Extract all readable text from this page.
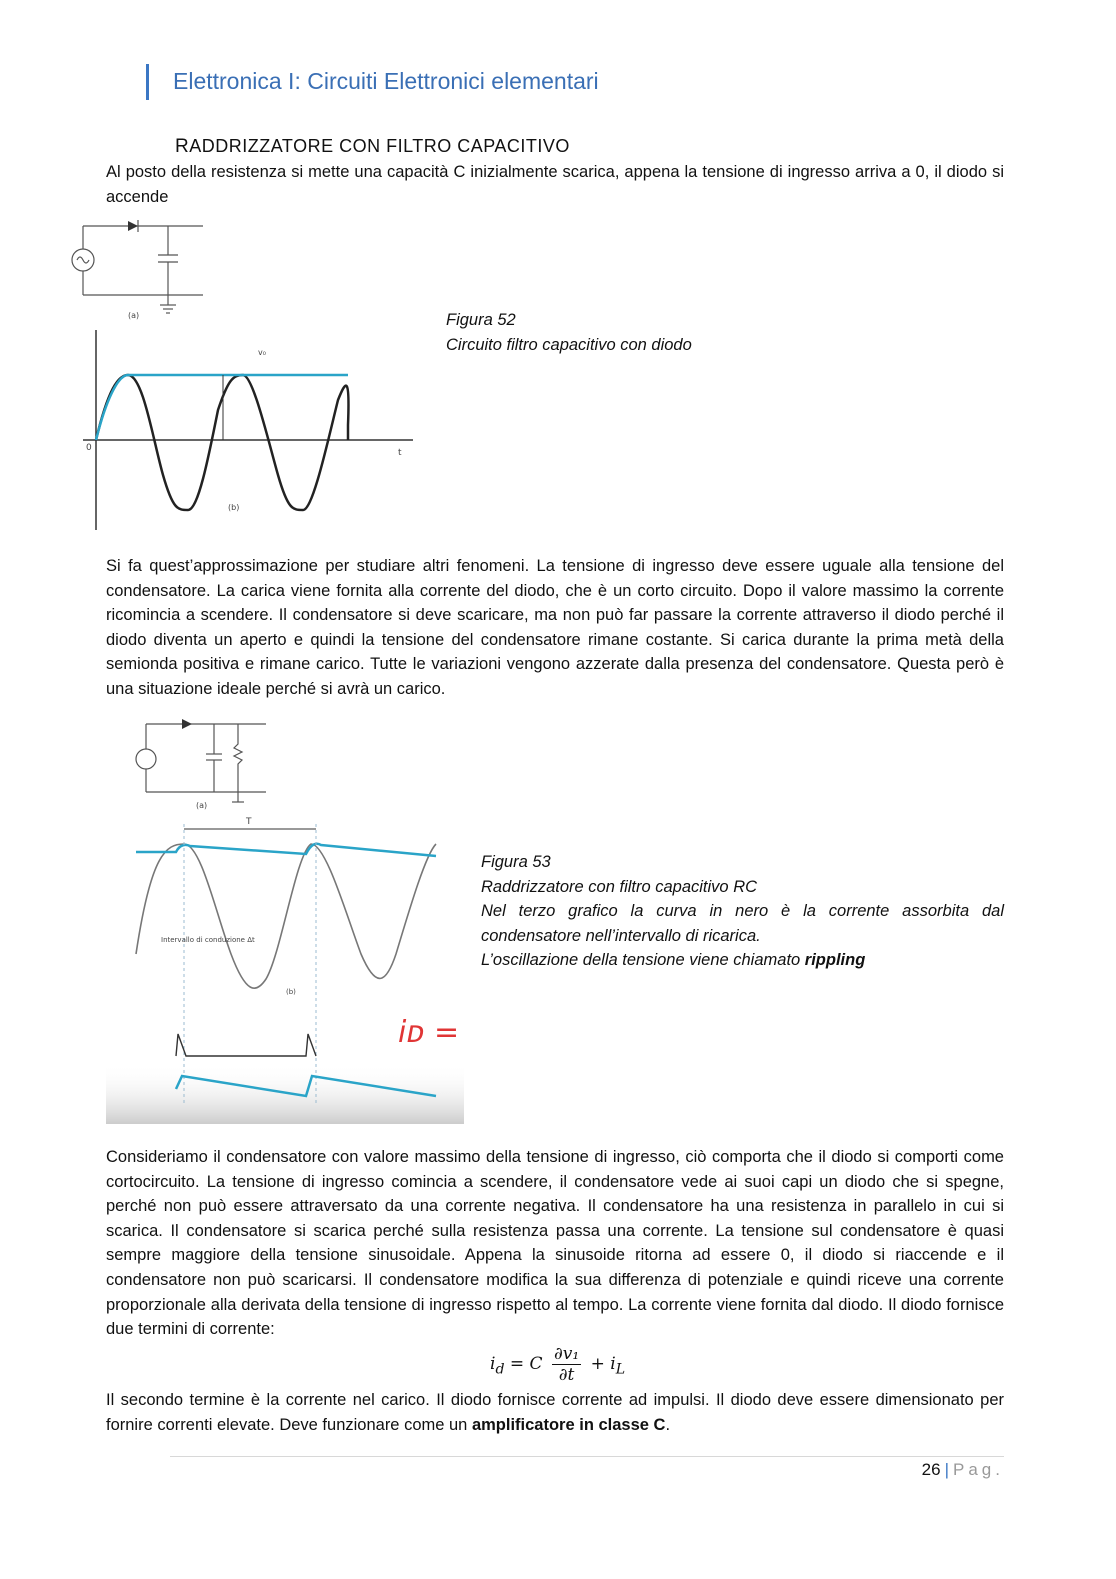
Elettronica I: Circuiti Elettronici elementari
RADDRIZZATORE CON FILTRO CAPACITIVO
Al posto della resistenza si mette una capacità C inizialmente scarica, appena la tensione di ingresso arriva a 0, il diodo si accende
(a)
t
0
v₀
(b)
Figura 52
Circuito filtro capacitivo con diodo
Si fa quest’approssimazione per studiare altri fenomeni. La tensione di ingresso deve essere uguale alla tensione del condensatore. La carica viene fornita alla corrente del diodo, che è un corto circuito. Dopo il valore massimo la corrente ricomincia a scendere. Il condensatore si deve scaricare, ma non può far passare la corrente attraverso il diodo perché il diodo diventa un aperto e quindi la tensione del condensatore rimane costante. Si carica durante la prima metà della semionda positiva e rimane carico. Tutte le variazioni vengono azzerate dalla presenza del condensatore. Questa però è una situazione ideale perché si avrà un carico.
(a)
T
Intervallo di conduzione Δt
(b)
iᴅ =
Figura 53
Raddrizzatore con filtro capacitivo RC
Nel terzo grafico la curva in nero è la corrente assorbita dal condensatore nell’intervallo di ricarica.
L’oscillazione della tensione viene chiamato rippling
Consideriamo il condensatore con valore massimo della tensione di ingresso, ciò comporta che il diodo si comporti come cortocircuito. La tensione di ingresso comincia a scendere, il condensatore vede ai suoi capi un diodo che si spegne, perché non può essere attraversato da una corrente negativa. Il condensatore ha una resistenza in parallelo in cui si scarica. Il condensatore si scarica perché sulla resistenza passa una corrente. La tensione sul condensatore è quasi sempre maggiore della tensione sinusoidale. Appena la sinusoide ritorna ad essere 0, il diodo si riaccende e il condensatore non può scaricarsi. Il condensatore modifica la sua differenza di potenziale e quindi riceve una corrente proporzionale alla derivata della tensione di ingresso rispetto al tempo. La corrente viene fornita dal diodo. Il diodo fornisce due termini di corrente:
$i_d = C \frac{\text{∂v₁}}{\partial t} + i_L$
Il secondo termine è la corrente nel carico. Il diodo fornisce corrente ad impulsi. Il diodo deve essere dimensionato per fornire correnti elevate. Deve funzionare come un amplificatore in classe C.
26 | Pag.
